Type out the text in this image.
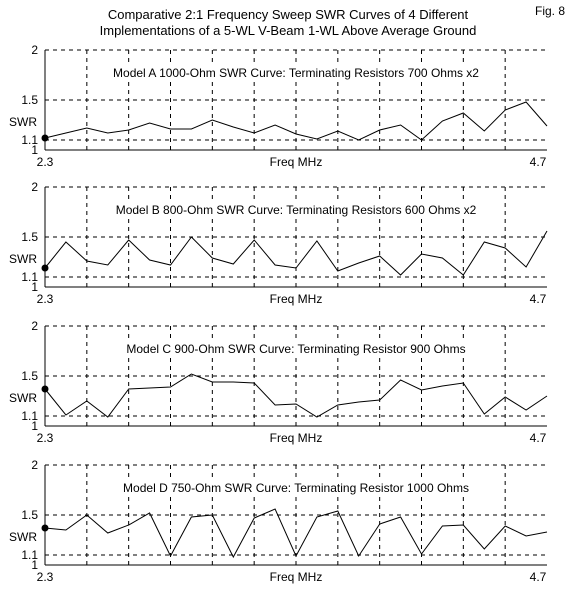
Fig. 8
Comparative 2:1 Frequency Sweep SWR Curves of 4 Different
Implementations of a 5-WL V-Beam 1-WL Above Average Ground
2
1.5
1.1
1
SWR
Model A 1000-Ohm SWR Curve: Terminating Resistors 700 Ohms x2
2.3	4.7
Freq MHz
2
1.5
1.1
1
SWR
Model B 800-Ohm SWR Curve: Terminating Resistors 600 Ohms x2
2.3	4.7
Freq MHz
2
1.5
1.1
1
SWR
Model C 900-Ohm SWR Curve: Terminating Resistor 900 Ohms
2.3	4.7
Freq MHz
2
1.5
1.1
1
SWR
Model D 750-Ohm SWR Curve: Terminating Resistor 1000 Ohms
2.3	4.7
Freq MHz
